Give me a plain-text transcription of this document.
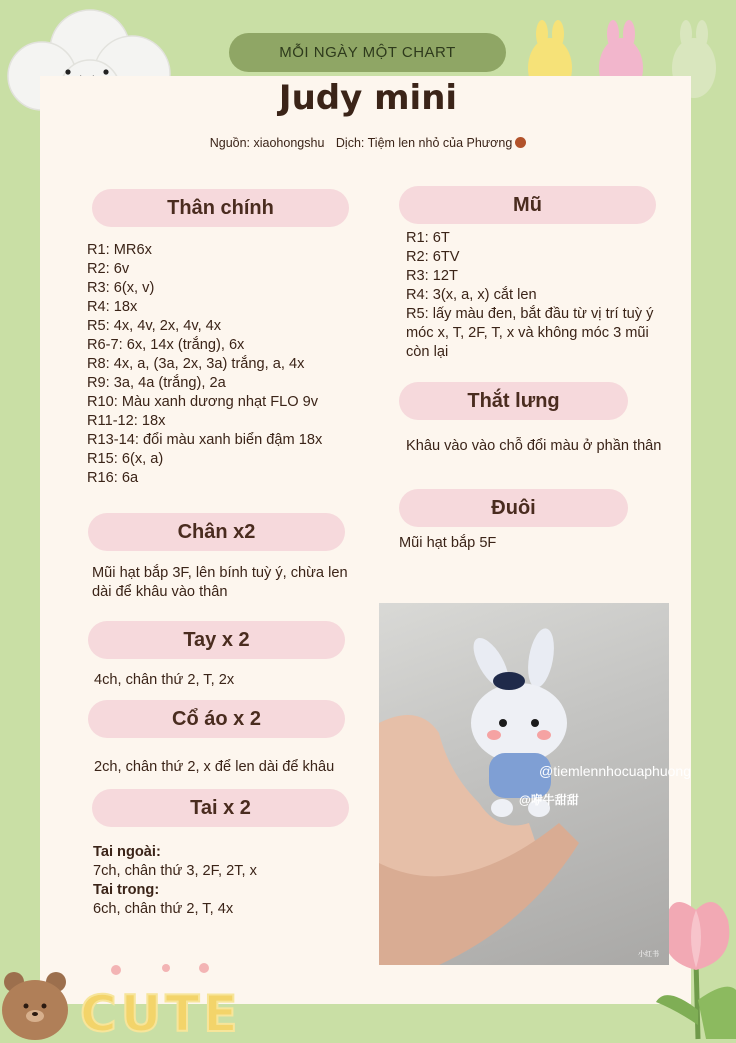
CUTE
MỖI NGÀY MỘT CHART
Judy mini
Nguồn: xiaohongshu Dịch: Tiệm len nhỏ của Phương
Thân chính
R1: MR6x
R2: 6v
R3: 6(x, v)
R4: 18x
R5: 4x, 4v, 2x, 4v, 4x
R6-7: 6x, 14x (trắng), 6x
R8: 4x, a, (3a, 2x, 3a) trắng, a, 4x
R9: 3a, 4a (trắng), 2a
R10: Màu xanh dương nhạt FLO 9v
R11-12: 18x
R13-14: đổi màu xanh biển đậm 18x
R15: 6(x, a)
R16: 6a
Chân x2
Mũi hạt bắp 3F, lên bính tuỳ ý, chừa len
dài để khâu vào thân
Tay x 2
4ch, chân thứ 2, T, 2x
Cổ áo x 2
2ch, chân thứ 2, x để len dài để khâu
Tai x 2
Tai ngoài:
7ch, chân thứ 3, 2F, 2T, x
Tai trong:
6ch, chân thứ 2, T, 4x
Mũ
R1: 6T
R2: 6TV
R3: 12T
R4: 3(x, a, x) cắt len
R5: lấy màu đen, bắt đầu từ vị trí tuỳ ý
móc x, T, 2F, T, x và không móc 3 mũi
còn lại
Thắt lưng
Khâu vào vào chỗ đổi màu ở phần thân
Đuôi
Mũi hạt bắp 5F
@tiemlennhocuaphuong
@咿牛甜甜
小红书
